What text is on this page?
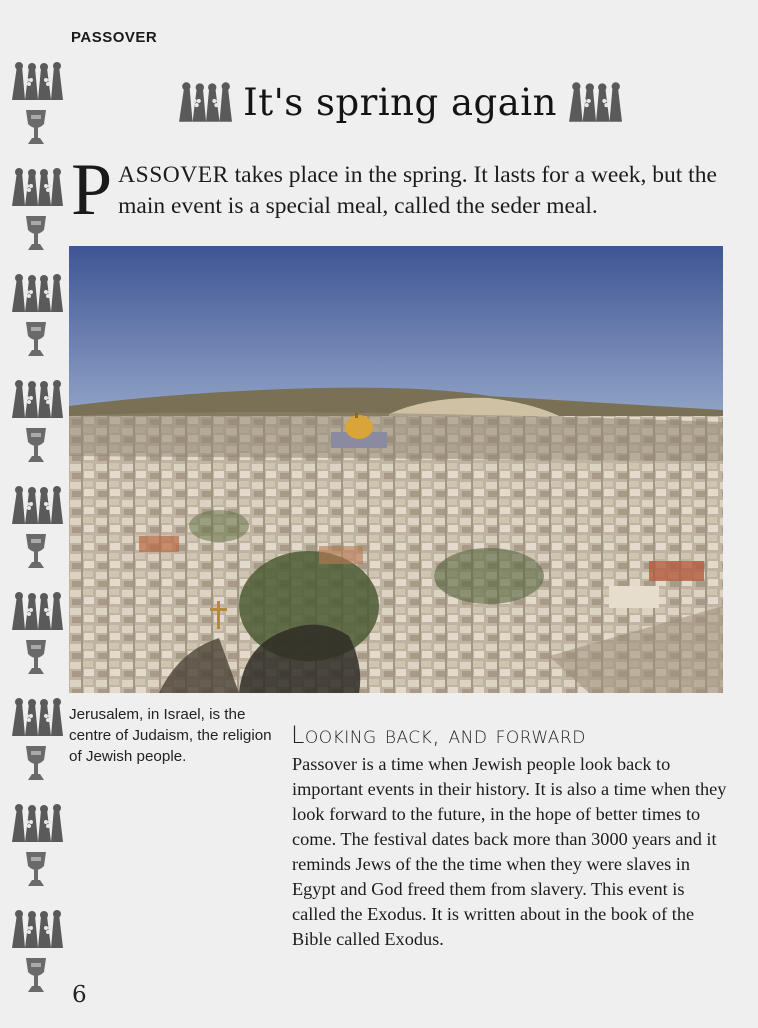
PASSOVER
It's spring again
PASSOVER takes place in the spring. It lasts for a week, but the main event is a special meal, called the seder meal.
Jerusalem, in Israel, is the centre of Judaism, the religion of Jewish people.
Looking back, and forward
Passover is a time when Jewish people look back to important events in their history. It is also a time when they look forward to the future, in the hope of better times to come. The festival dates back more than 3000 years and it reminds Jews of the the time when they were slaves in Egypt and God freed them from slavery. This event is called the Exodus. It is written about in the book of the Bible called Exodus.
6
